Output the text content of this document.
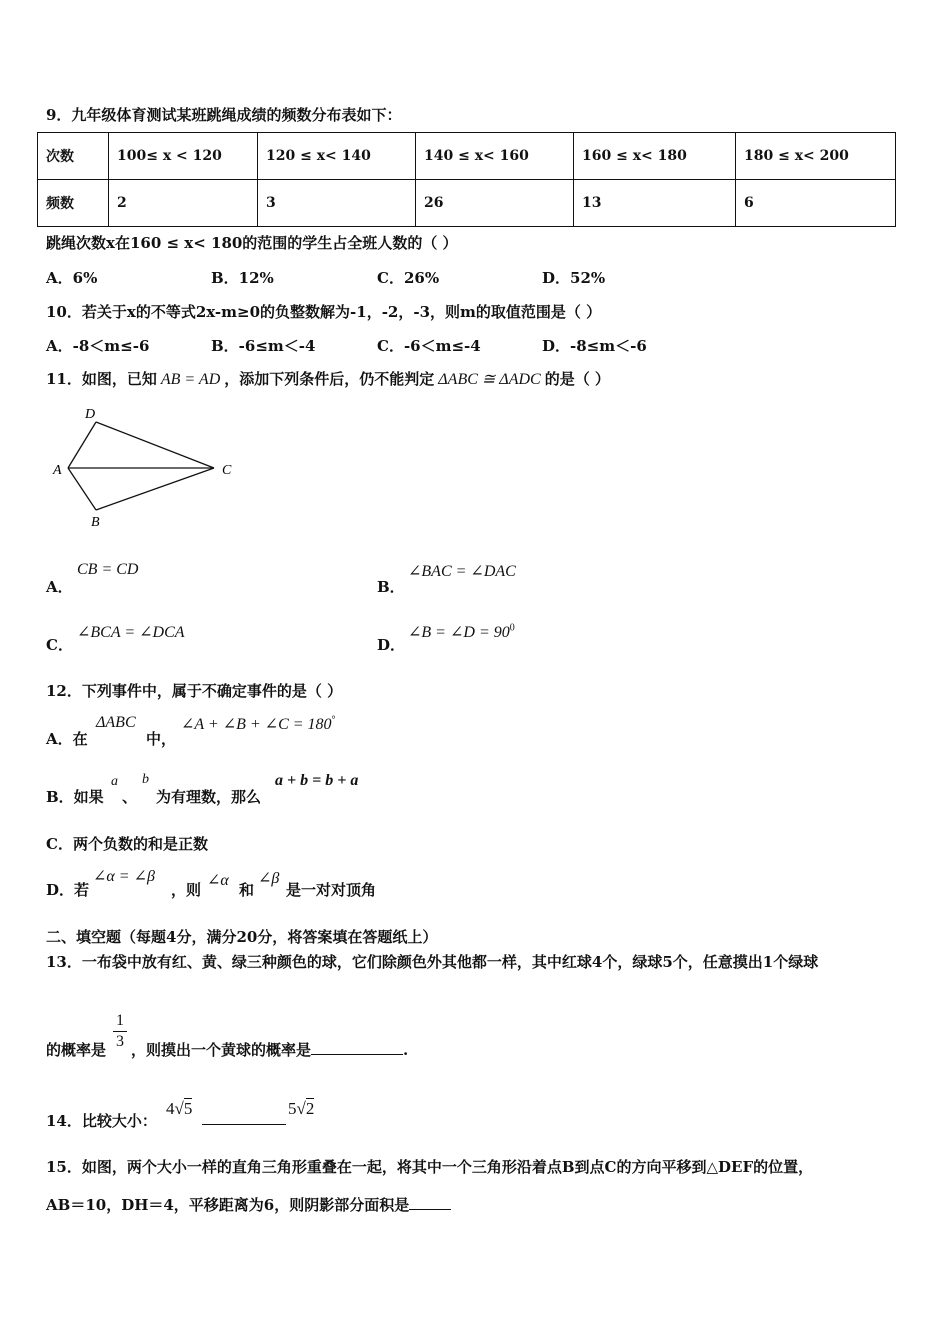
9．九年级体育测试某班跳绳成绩的频数分布表如下：
次数	100≤ x < 120	120 ≤ x< 140	140 ≤ x< 160	160 ≤ x< 180	180 ≤ x< 200
频数	2	3	26	13	6
跳绳次数x在160 ≤ x< 180的范围的学生占全班人数的（ ）
A．6%	B．12%	C．26%	D．52%
10．若关于x的不等式2x-m≥0的负整数解为-1，-2，-3，则m的取值范围是（ ）
A．-8＜m≤-6	B．-6≤m＜-4	C．-6＜m≤-4	D．-8≤m＜-6
11．如图，已知 AB = AD ，添加下列条件后，仍不能判定 ΔABC ≅ ΔADC 的是（ ）
D
A	C
B
A．
CB = CD
B．
∠BAC = ∠DAC
C．
∠BCA = ∠DCA
D．
∠B = ∠D = $90^0$
12．下列事件中，属于不确定事件的是（ ）
A．在
ΔABC
中，
∠A + ∠B + ∠C = 180°
B．如果
a
、
b
为有理数，那么
a + b = b + a
C．两个负数的和是正数
D．若
∠α = ∠β
，则
∠α
和
∠β
是一对对顶角
二、填空题（每题4分，满分20分，将答案填在答题纸上）
13．一布袋中放有红、黄、绿三种颜色的球，它们除颜色外其他都一样，其中红球4个，绿球5个，任意摸出1个绿球
的概率是
1
3 ，则摸出一个黄球的概率是	.
14．比较大小：
4√5	5√2
15．如图，两个大小一样的直角三角形重叠在一起，将其中一个三角形沿着点B到点C的方向平移到△DEF的位置，
AB＝10，DH＝4，平移距离为6，则阴影部分面积是
